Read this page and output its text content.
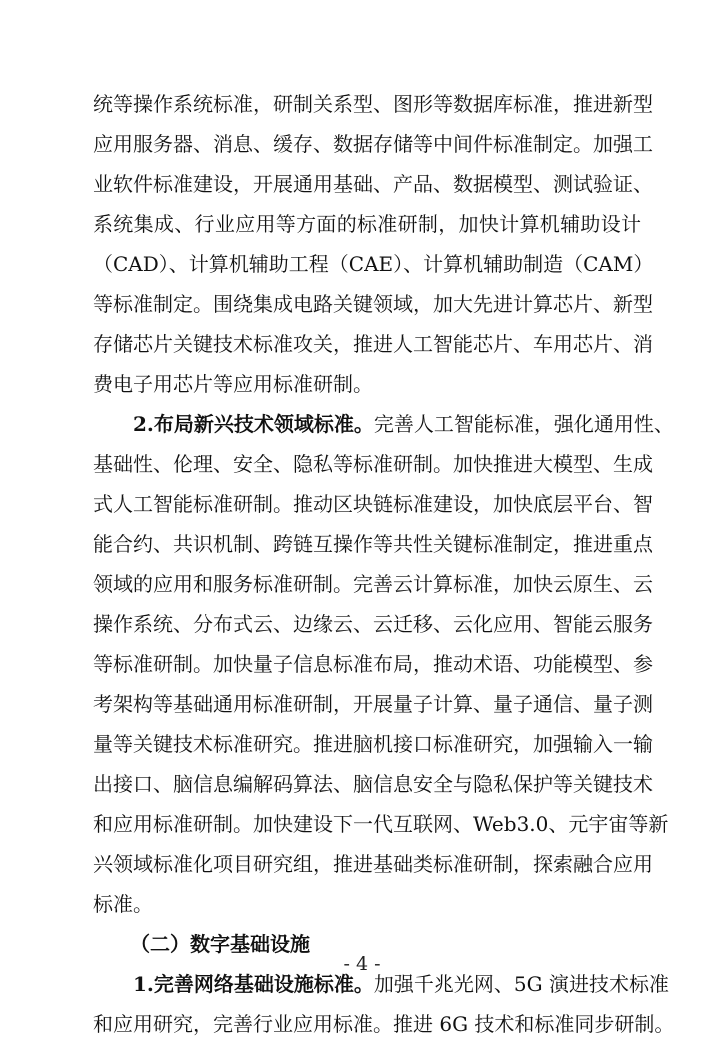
统等操作系统标准，研制关系型、图形等数据库标准，推进新型
应用服务器、消息、缓存、数据存储等中间件标准制定。加强工
业软件标准建设，开展通用基础、产品、数据模型、测试验证、
系统集成、行业应用等方面的标准研制，加快计算机辅助设计
（CAD）、计算机辅助工程（CAE）、计算机辅助制造（CAM）
等标准制定。围绕集成电路关键领域，加大先进计算芯片、新型
存储芯片关键技术标准攻关，推进人工智能芯片、车用芯片、消
费电子用芯片等应用标准研制。
2.布局新兴技术领域标准。完善人工智能标准，强化通用性、
基础性、伦理、安全、隐私等标准研制。加快推进大模型、生成
式人工智能标准研制。推动区块链标准建设，加快底层平台、智
能合约、共识机制、跨链互操作等共性关键标准制定，推进重点
领域的应用和服务标准研制。完善云计算标准，加快云原生、云
操作系统、分布式云、边缘云、云迁移、云化应用、智能云服务
等标准研制。加快量子信息标准布局，推动术语、功能模型、参
考架构等基础通用标准研制，开展量子计算、量子通信、量子测
量等关键技术标准研究。推进脑机接口标准研究，加强输入一输
出接口、脑信息编解码算法、脑信息安全与隐私保护等关键技术
和应用标准研制。加快建设下一代互联网、Web3.0、元宇宙等新
兴领域标准化项目研究组，推进基础类标准研制，探索融合应用
标准。
（二）数字基础设施
1.完善网络基础设施标准。加强千兆光网、5G 演进技术标准
和应用研究，完善行业应用标准。推进 6G 技术和标准同步研制。
- 4 -
